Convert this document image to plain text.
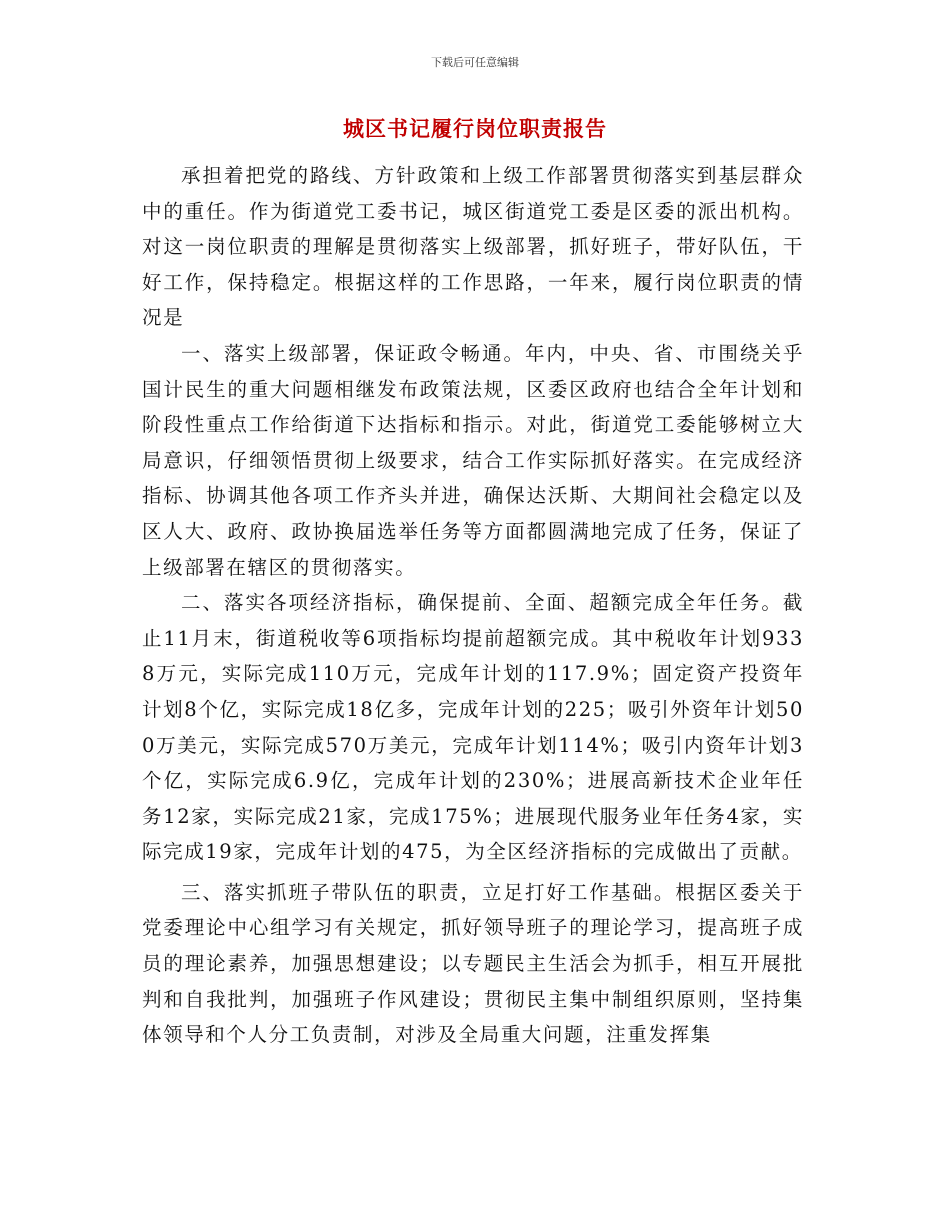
下载后可任意编辑
城区书记履行岗位职责报告

承担着把党的路线、方针政策和上级工作部署贯彻落实到基层群众中的重任。作为街道党工委书记，城区街道党工委是区委的派出机构。对这一岗位职责的理解是贯彻落实上级部署，抓好班子，带好队伍，干好工作，保持稳定。根据这样的工作思路，一年来，履行岗位职责的情况是

一、落实上级部署，保证政令畅通。年内，中央、省、市围绕关乎国计民生的重大问题相继发布政策法规，区委区政府也结合全年计划和阶段性重点工作给街道下达指标和指示。对此，街道党工委能够树立大局意识，仔细领悟贯彻上级要求，结合工作实际抓好落实。在完成经济指标、协调其他各项工作齐头并进，确保达沃斯、大期间社会稳定以及区人大、政府、政协换届选举任务等方面都圆满地完成了任务，保证了上级部署在辖区的贯彻落实。

二、落实各项经济指标，确保提前、全面、超额完成全年任务。截止11月末，街道税收等6项指标均提前超额完成。其中税收年计划9338万元，实际完成110万元，完成年计划的117.9%；固定资产投资年计划8个亿，实际完成18亿多，完成年计划的225；吸引外资年计划500万美元，实际完成570万美元，完成年计划114%；吸引内资年计划3个亿，实际完成6.9亿，完成年计划的230%；进展高新技术企业年任务12家，实际完成21家，完成175%；进展现代服务业年任务4家，实际完成19家，完成年计划的475，为全区经济指标的完成做出了贡献。

三、落实抓班子带队伍的职责，立足打好工作基础。根据区委关于党委理论中心组学习有关规定，抓好领导班子的理论学习，提高班子成员的理论素养，加强思想建设；以专题民主生活会为抓手，相互开展批判和自我批判，加强班子作风建设；贯彻民主集中制组织原则，坚持集体领导和个人分工负责制，对涉及全局重大问题，注重发挥集
